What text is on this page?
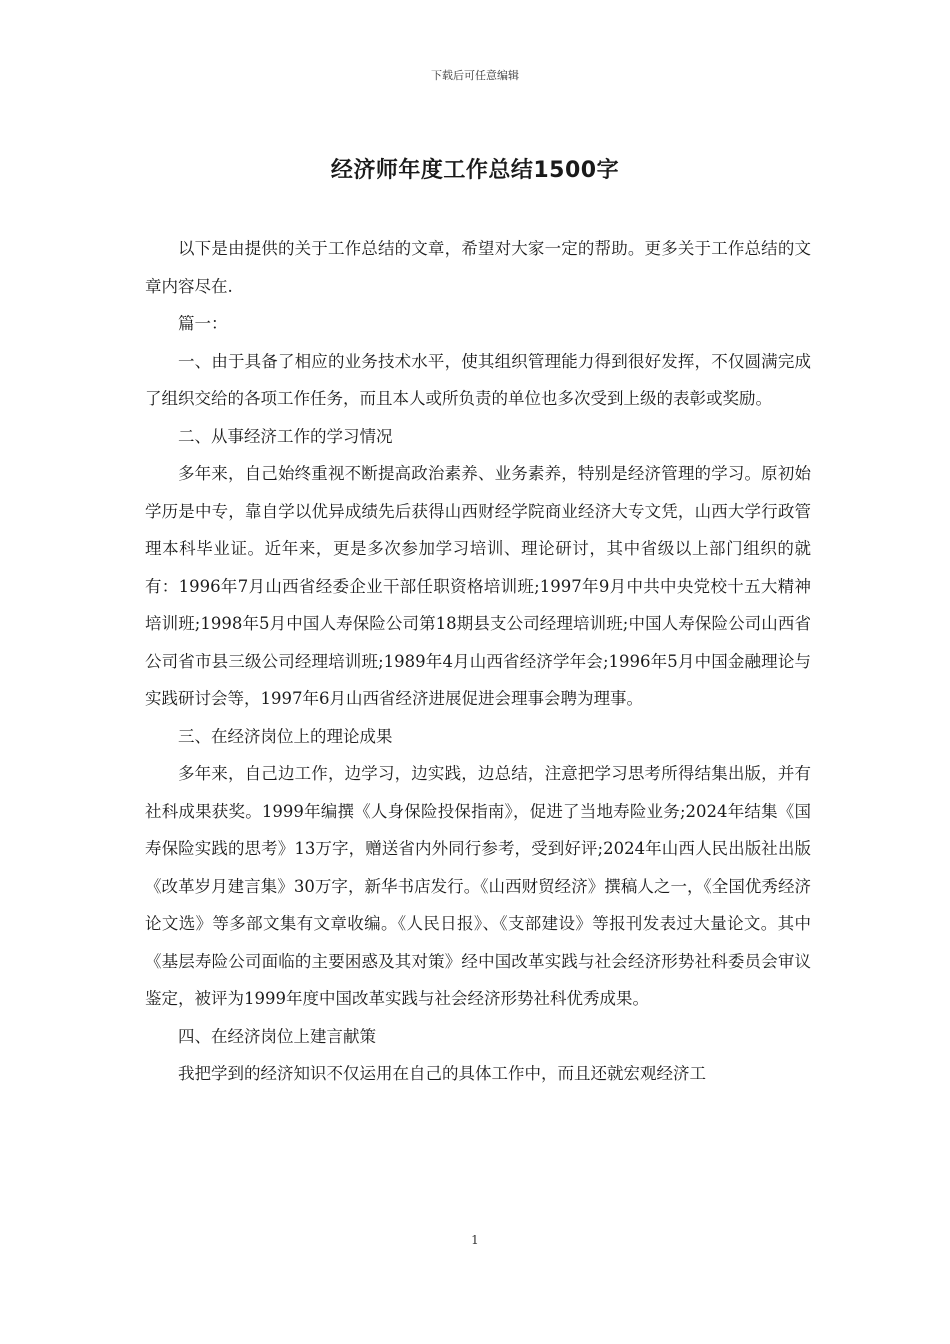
下载后可任意编辑
经济师年度工作总结1500字

以下是由提供的关于工作总结的文章，希望对大家一定的帮助。更多关于工作总结的文章内容尽在.

篇一：

一、由于具备了相应的业务技术水平，使其组织管理能力得到很好发挥，不仅圆满完成了组织交给的各项工作任务，而且本人或所负责的单位也多次受到上级的表彰或奖励。

二、从事经济工作的学习情况

多年来，自己始终重视不断提高政治素养、业务素养，特别是经济管理的学习。原初始学历是中专，靠自学以优异成绩先后获得山西财经学院商业经济大专文凭，山西大学行政管理本科毕业证。近年来，更是多次参加学习培训、理论研讨，其中省级以上部门组织的就有：1996年7月山西省经委企业干部任职资格培训班;1997年9月中共中央党校十五大精神培训班;1998年5月中国人寿保险公司第18期县支公司经理培训班;中国人寿保险公司山西省公司省市县三级公司经理培训班;1989年4月山西省经济学年会;1996年5月中国金融理论与实践研讨会等，1997年6月山西省经济进展促进会理事会聘为理事。

三、在经济岗位上的理论成果

多年来，自己边工作，边学习，边实践，边总结，注意把学习思考所得结集出版，并有社科成果获奖。1999年编撰《人身保险投保指南》，促进了当地寿险业务;2024年结集《国寿保险实践的思考》13万字，赠送省内外同行参考，受到好评;2024年山西人民出版社出版《改革岁月建言集》30万字，新华书店发行。《山西财贸经济》撰稿人之一，《全国优秀经济论文选》等多部文集有文章收编。《人民日报》、《支部建设》等报刊发表过大量论文。其中《基层寿险公司面临的主要困惑及其对策》经中国改革实践与社会经济形势社科委员会审议鉴定，被评为1999年度中国改革实践与社会经济形势社科优秀成果。

四、在经济岗位上建言献策

我把学到的经济知识不仅运用在自己的具体工作中，而且还就宏观经济工

1
